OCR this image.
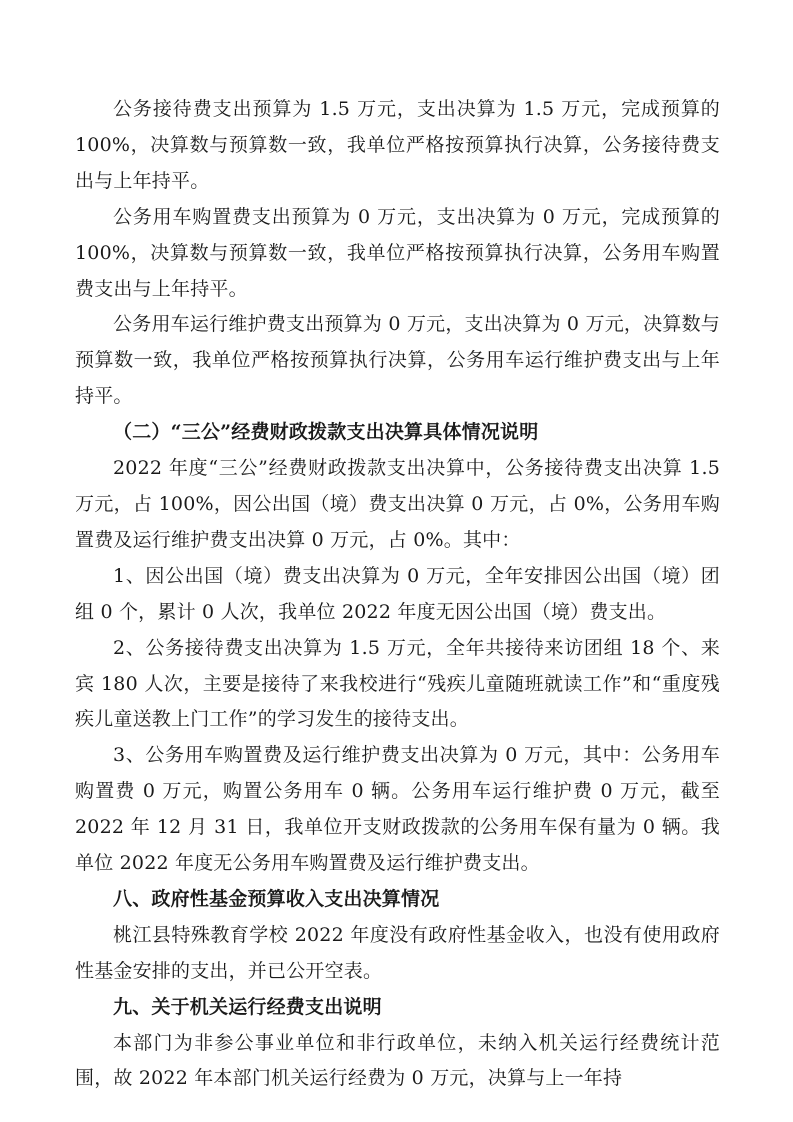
公务接待费支出预算为 1.5 万元，支出决算为 1.5 万元，完成预算的 100%，决算数与预算数一致，我单位严格按预算执行决算，公务接待费支出与上年持平。

公务用车购置费支出预算为 0 万元，支出决算为 0 万元，完成预算的 100%，决算数与预算数一致，我单位严格按预算执行决算，公务用车购置费支出与上年持平。

公务用车运行维护费支出预算为 0 万元，支出决算为 0 万元，决算数与预算数一致，我单位严格按预算执行决算，公务用车运行维护费支出与上年持平。

（二）“三公”经费财政拨款支出决算具体情况说明

2022 年度“三公”经费财政拨款支出决算中，公务接待费支出决算 1.5 万元，占 100%，因公出国（境）费支出决算 0 万元，占 0%，公务用车购置费及运行维护费支出决算 0 万元，占 0%。其中：

1、因公出国（境）费支出决算为 0 万元，全年安排因公出国（境）团组 0 个，累计 0 人次，我单位 2022 年度无因公出国（境）费支出。

2、公务接待费支出决算为 1.5 万元，全年共接待来访团组 18 个、来宾 180 人次，主要是接待了来我校进行“残疾儿童随班就读工作”和“重度残疾儿童送教上门工作”的学习发生的接待支出。

3、公务用车购置费及运行维护费支出决算为 0 万元，其中：公务用车购置费 0 万元，购置公务用车 0 辆。公务用车运行维护费 0 万元，截至 2022 年 12 月 31 日，我单位开支财政拨款的公务用车保有量为 0 辆。我单位 2022 年度无公务用车购置费及运行维护费支出。

八、政府性基金预算收入支出决算情况

桃江县特殊教育学校 2022 年度没有政府性基金收入，也没有使用政府性基金安排的支出，并已公开空表。

九、关于机关运行经费支出说明

本部门为非参公事业单位和非行政单位，未纳入机关运行经费统计范围，故 2022 年本部门机关运行经费为 0 万元，决算与上一年持
